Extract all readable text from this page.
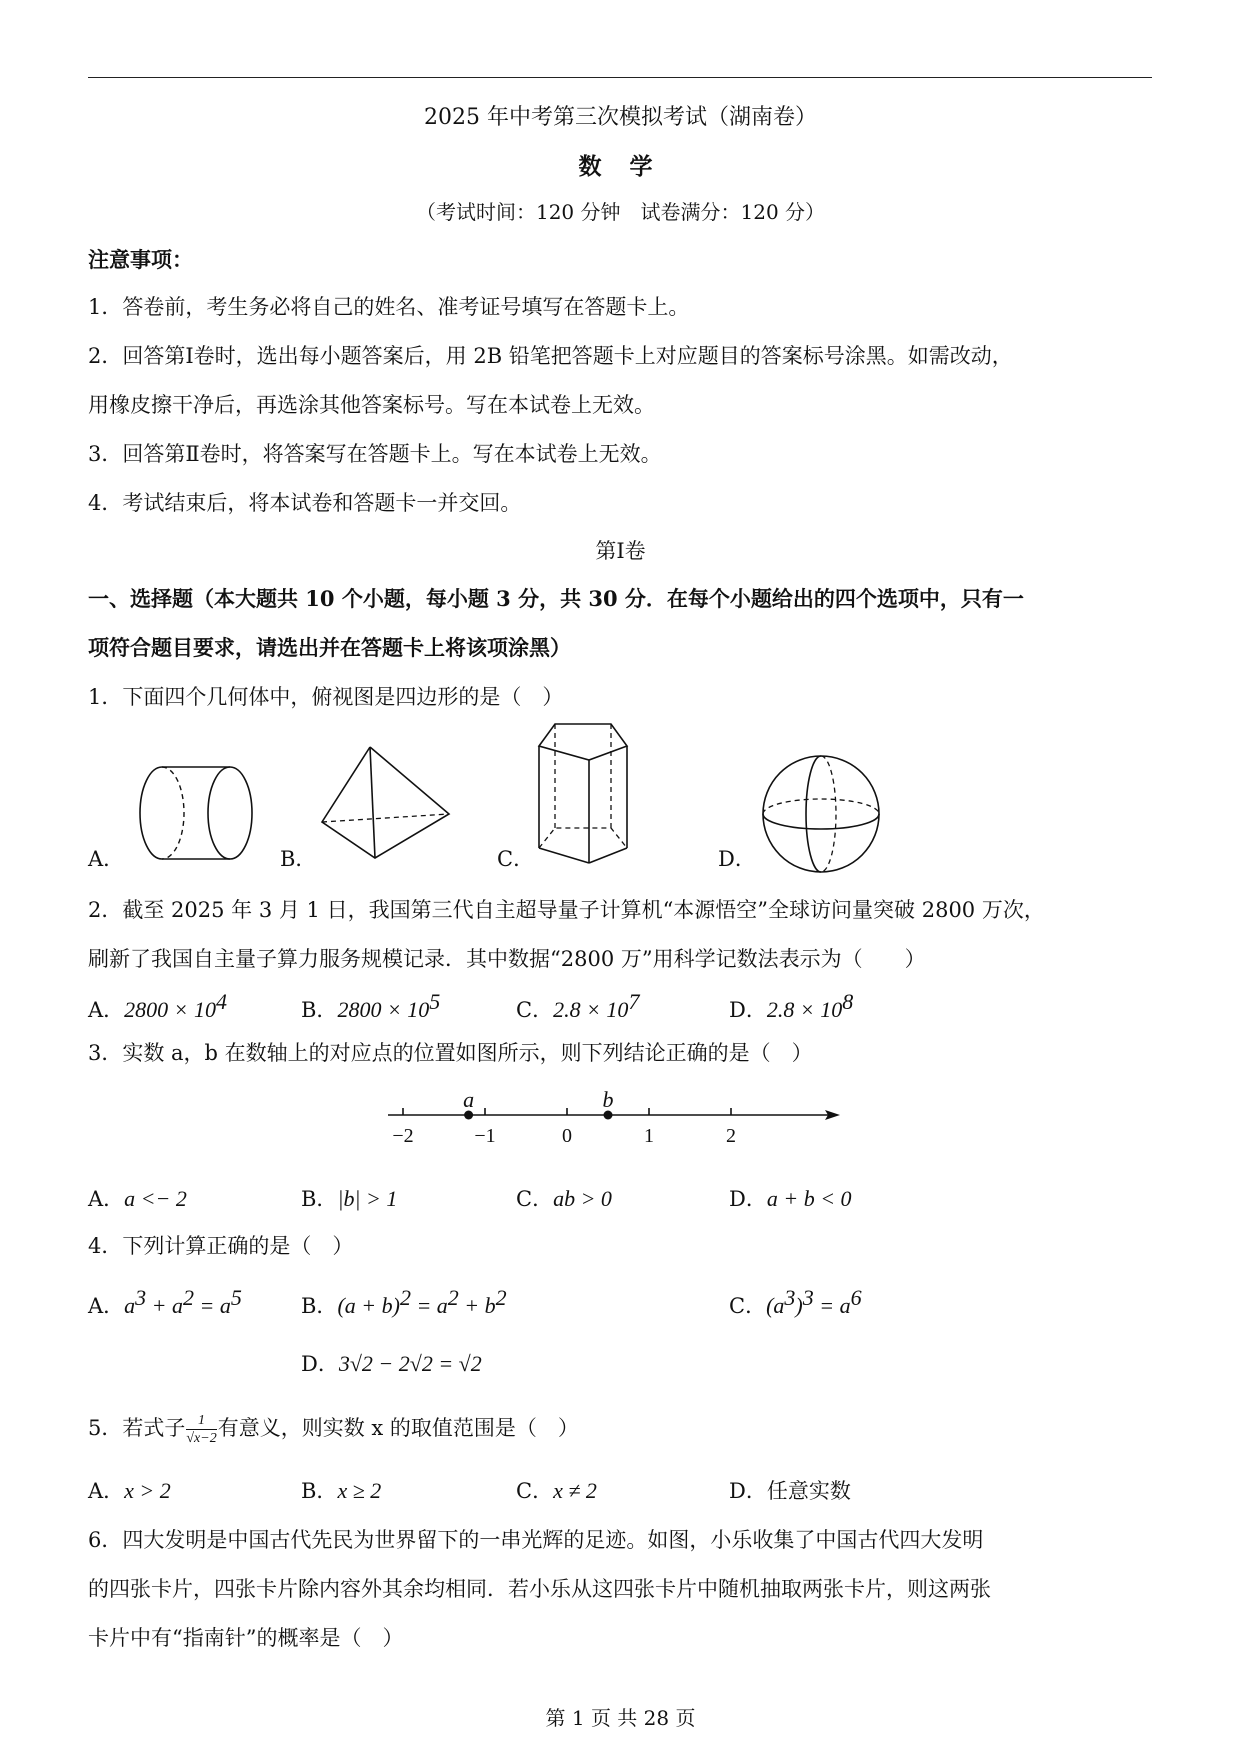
2025 年中考第三次模拟考试（湖南卷）
数 学
（考试时间：120 分钟　试卷满分：120 分）
注意事项：
1．答卷前，考生务必将自己的姓名、准考证号填写在答题卡上。
2．回答第Ⅰ卷时，选出每小题答案后，用 2B 铅笔把答题卡上对应题目的答案标号涂黑。如需改动，
用橡皮擦干净后，再选涂其他答案标号。写在本试卷上无效。
3．回答第Ⅱ卷时，将答案写在答题卡上。写在本试卷上无效。
4．考试结束后，将本试卷和答题卡一并交回。
第Ⅰ卷
一、选择题（本大题共 10 个小题，每小题 3 分，共 30 分．在每个小题给出的四个选项中，只有一
项符合题目要求，请选出并在答题卡上将该项涂黑）
1．下面四个几何体中，俯视图是四边形的是（　）
A．	B．	C．	D．
2．截至 2025 年 3 月 1 日，我国第三代自主超导量子计算机“本源悟空”全球访问量突破 2800 万次，
刷新了我国自主量子算力服务规模记录．其中数据“2800 万”用科学记数法表示为（　　）
A．$2800 \times 10^4$	B．$2800 \times 10^5$	C．$2.8 \times 10^7$	D．$2.8 \times 10^8$
3．实数 a，b 在数轴上的对应点的位置如图所示，则下列结论正确的是（　）
−2	−1	0	1	2
a	b
A．a <− 2	B．|b| > 1	C．ab > 0	D．a + b < 0
4．下列计算正确的是（　）
A．$a^3 + a^2 = a^5$	B．$(a + b)^2 = a^2 + b^2$	C．$(a^3)^3 = a^6$
D．3√2 − 2√2 = √2
5．若式子 $\frac{1}{√x-2}$ 有意义，则实数 x 的取值范围是（　）
A．x > 2	B．x ≥ 2	C．x ≠ 2	D．任意实数
6．四大发明是中国古代先民为世界留下的一串光辉的足迹。如图，小乐收集了中国古代四大发明
的四张卡片，四张卡片除内容外其余均相同．若小乐从这四张卡片中随机抽取两张卡片，则这两张
卡片中有“指南针”的概率是（　）
第 1 页 共 28 页
